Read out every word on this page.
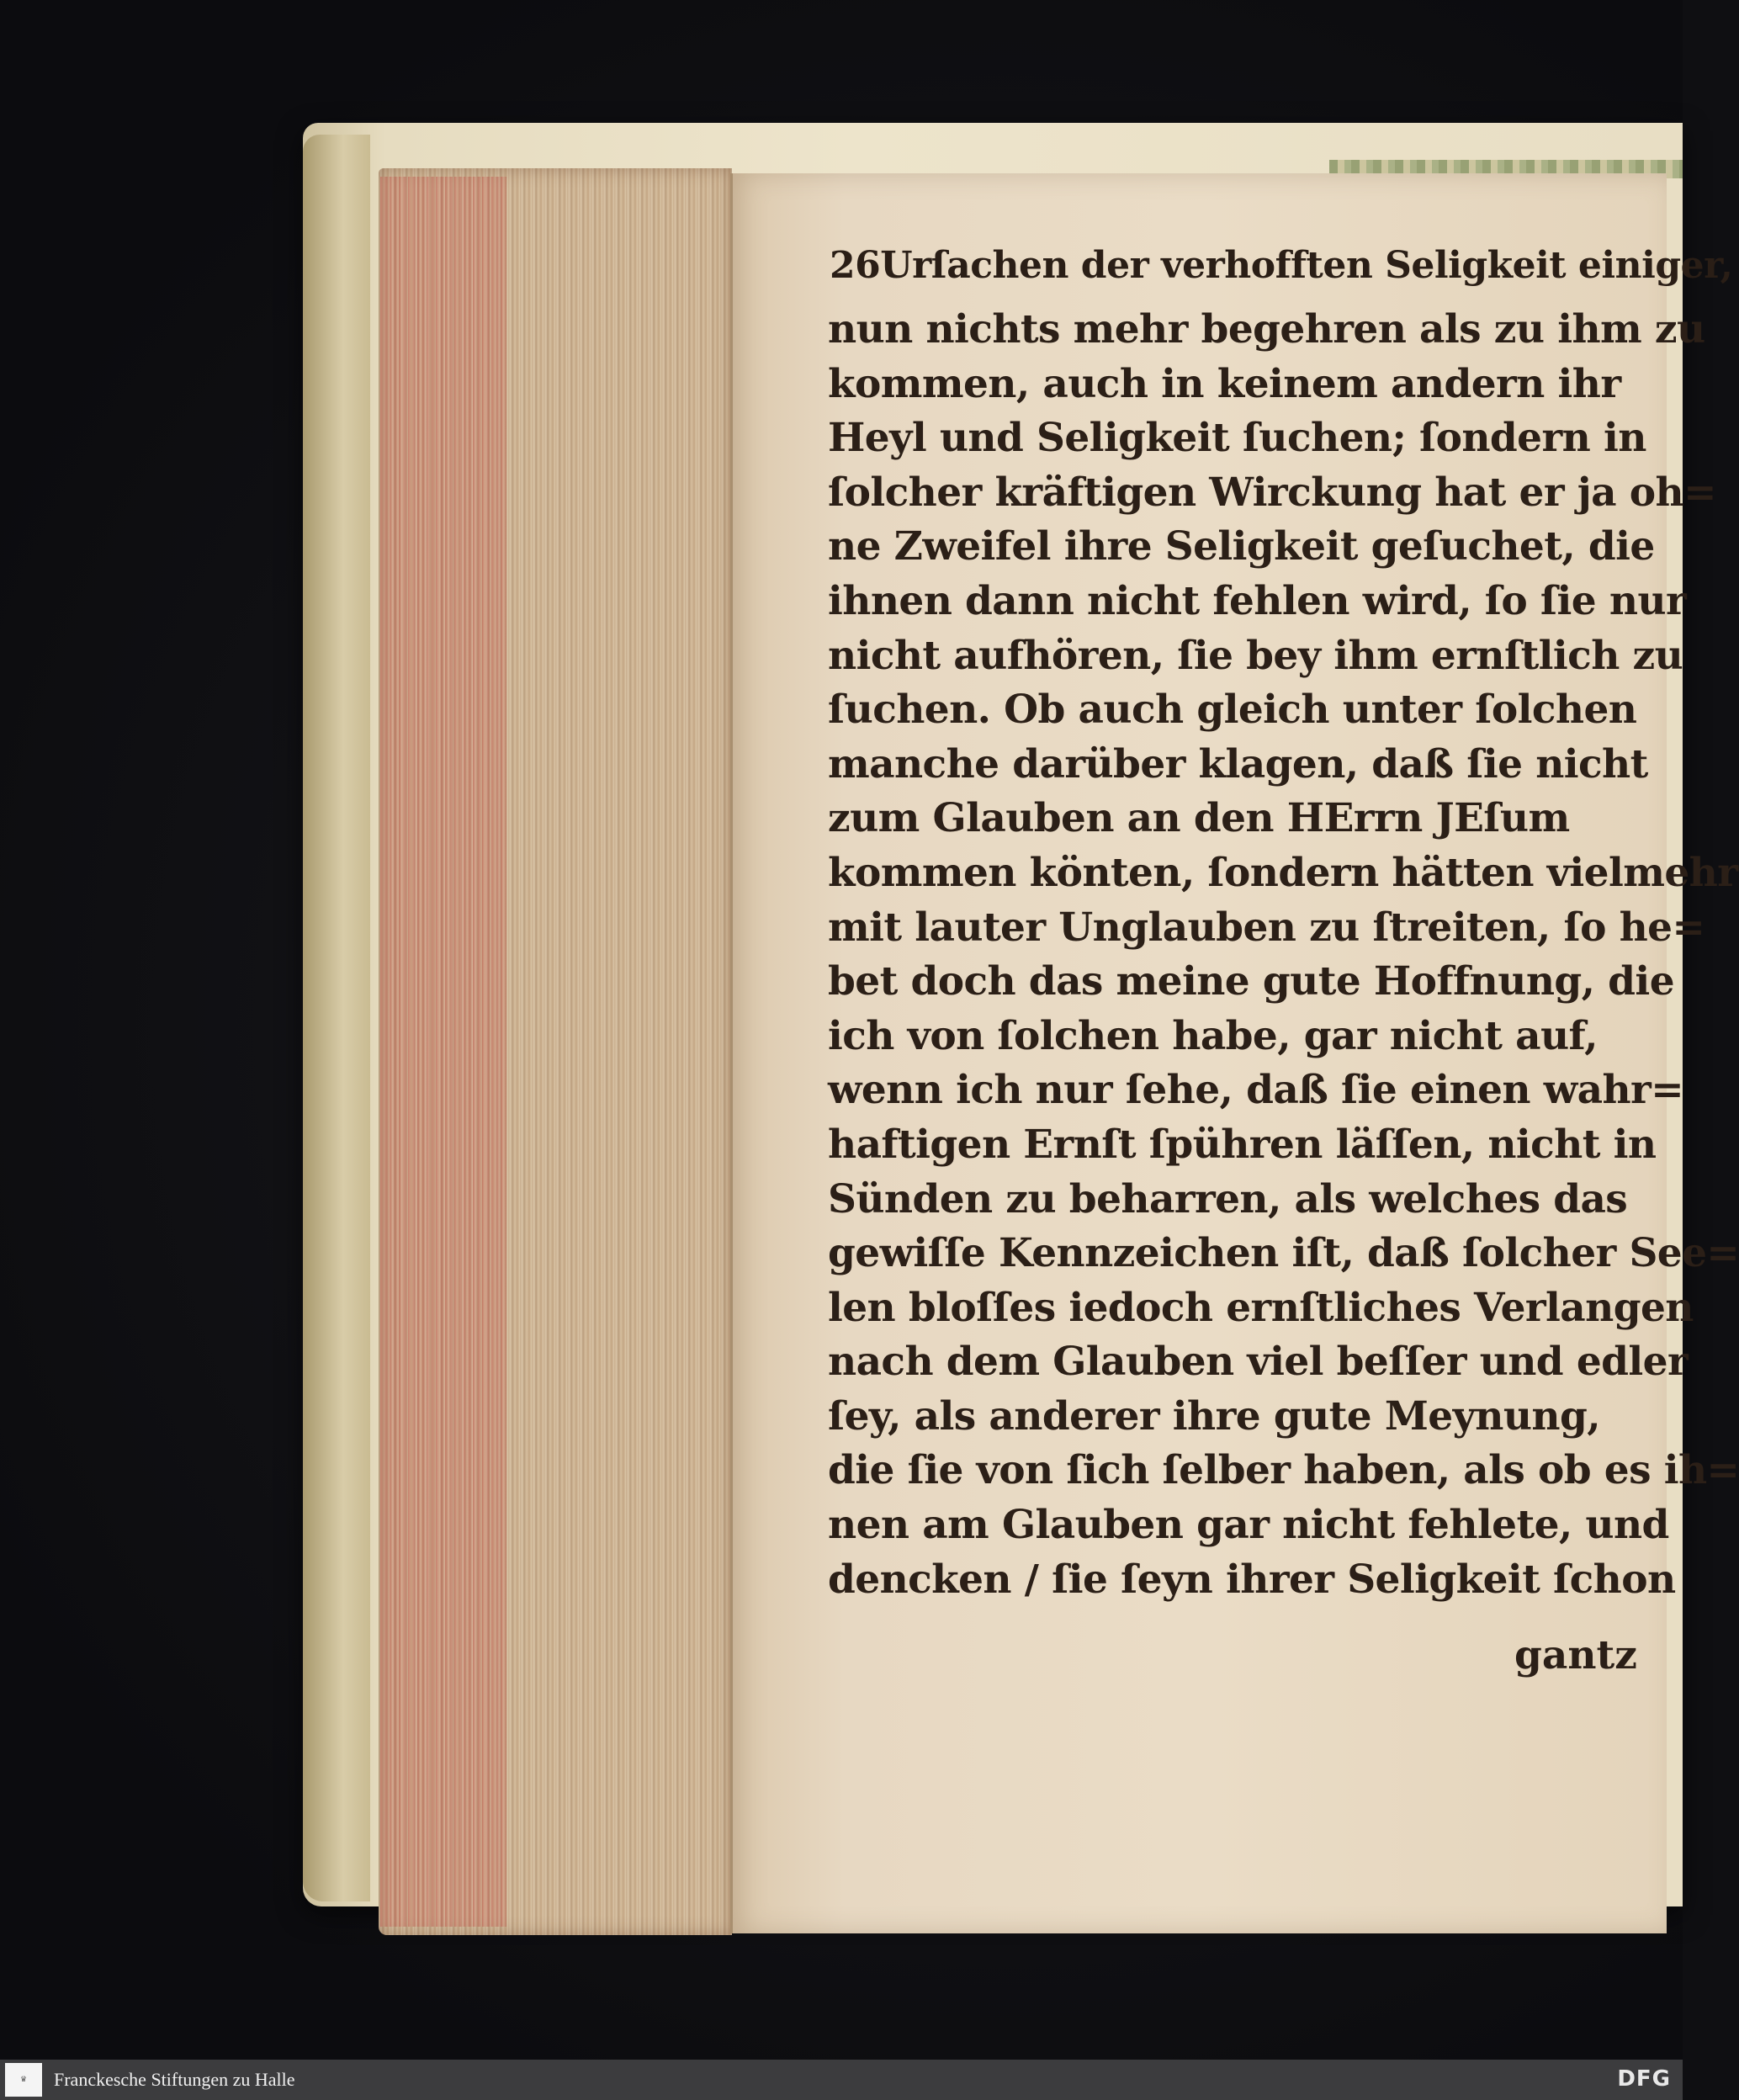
26 Urſachen der verhofften Seligkeit einiger,
nun nichts mehr begehren als zu ihm zu
kommen, auch in keinem andern ihr
Heyl und Seligkeit ſuchen; ſondern in
ſolcher kräftigen Wirckung hat er ja oh=
ne Zweifel ihre Seligkeit geſuchet, die
ihnen dann nicht fehlen wird, ſo ſie nur
nicht aufhören, ſie bey ihm ernſtlich zu
ſuchen. Ob auch gleich unter ſolchen
manche darüber klagen, daß ſie nicht
zum Glauben an den HErrn JEſum
kommen könten, ſondern hätten vielmehr
mit lauter Unglauben zu ſtreiten, ſo he=
bet doch das meine gute Hoffnung, die
ich von ſolchen habe, gar nicht auf,
wenn ich nur ſehe, daß ſie einen wahr=
haftigen Ernſt ſpühren läſſen, nicht in
Sünden zu beharren, als welches das
gewiſſe Kennzeichen iſt, daß ſolcher See=
len bloſſes iedoch ernſtliches Verlangen
nach dem Glauben viel beſſer und edler
ſey, als anderer ihre gute Meynung,
die ſie von ſich ſelber haben, als ob es ih=
nen am Glauben gar nicht fehlete, und
dencken / ſie ſeyn ihrer Seligkeit ſchon
gantz
♛ Franckesche Stiftungen zu Halle	DFG
